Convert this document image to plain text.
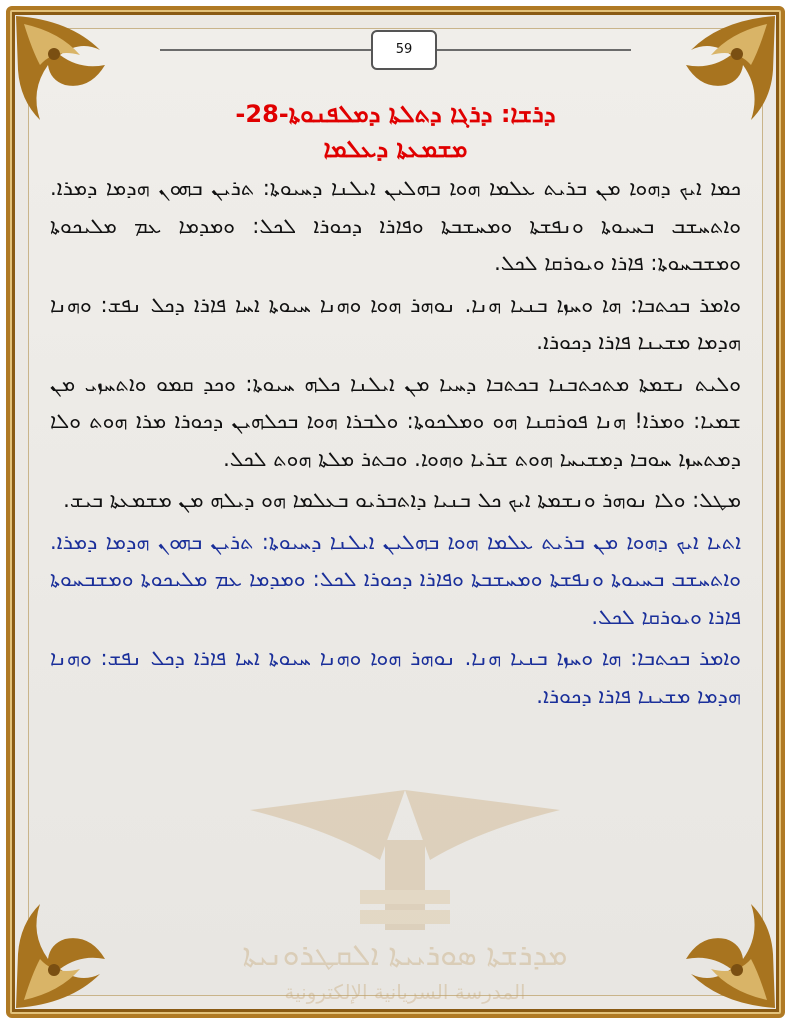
59
ܡܕܪܫܬܐ ܣܘܪܝܝܬܐ ܐܠܩܛܪܘܢܝܬܐ
المدرسة السريانية الإلكترونية
ܕܪܫܐ: ܕܪܓܐ ܕܬܠܬܐ ܕܡܠܦܢܘܬܐ-28-
ܡܫܡܥܬܐ ܕܥܠܡܐ

ܟܡܐ ܐܝܟ ܕܗܘܐ ܡܢ ܒܪܝܬ ܥܠܡܐ ܗܘܐ ܒܗܠܝܢ ܐܝܠܢܐ ܕܚܝܘܬܐ: ܬܪܝܢ ܒܗܘܢ ܗܕܡܐ ܕܡܪܐ. ܘܐܬܚܫܒ ܒܚܝܘܬܐ ܘܢܦܫܬܐ ܘܡܚܫܒܬܐ ܘܦܐܪܐ ܕܟܘܪܐ ܠܟܠ: ܘܡܕܡܐ ܥܡ ܡܠܝܟܘܬܐ ܘܡܫܒܚܘܬܐ: ܦܐܪܐ ܘܝܘܪܩܐ ܠܟܠ.

ܘܐܡܪ ܒܟܬܒܐ: ܗܐ ܘܚܙܐ ܒܢܝܐ ܗܢܐ. ܢܘܗܪ ܗܘܐ ܘܗܢܐ ܚܝܘܬܐ ܐܚܐ ܦܐܪܐ ܕܟܠ ܢܦܫ: ܘܗܢܐ ܗܕܡܐ ܡܫܝܢܐ ܦܐܪܐ ܕܟܘܪܐ.

ܘܠܝܬ ܢܫܡܬܐ ܡܬܟܬܒܢܐ ܒܟܬܒܐ ܕܚܝܐ ܡܢ ܐܝܠܢܐ ܟܠܗ ܚܝܘܬܐ: ܘܟܕ ܩܡܘ ܘܐܬܚܙܝ ܡܢ ܫܡܝܐ: ܘܡܪܐ! ܗܢܐ ܦܘܪܩܢܐ ܗܘ ܘܡܠܟܘܬܐ: ܘܠܒܪܐ ܗܘܐ ܒܟܠܗܝܢ ܕܟܘܪܐ ܡܪܐ ܗܘܬ ܘܠܐ ܕܡܬܚܙܐ ܚܘܒܐ ܕܡܫܝܚܐ ܗܘܬ ܫܪܝܐ ܘܗܘܐ. ܘܒܬܪ ܡܠܬܐ ܗܘܬ ܠܟܠ.

ܡܛܠ: ܘܠܐ ܢܘܗܪ ܘܢܫܡܬܐ ܐܝܟ ܟܠ ܒܢܝܐ ܕܐܬܒܪܝܘ ܒܥܠܡܐ ܗܘ ܕܝܠܗ ܡܢ ܡܫܡܥܬܐ ܒܝܫ.

ܐܬܝܐ ܐܝܟ ܕܗܘܐ ܡܢ ܒܪܝܬ ܥܠܡܐ ܗܘܐ ܒܗܠܝܢ ܐܝܠܢܐ ܕܚܝܘܬܐ: ܬܪܝܢ ܒܗܘܢ ܗܕܡܐ ܕܡܪܐ. ܘܐܬܚܫܒ ܒܚܝܘܬܐ ܘܢܦܫܬܐ ܘܡܚܫܒܬܐ ܘܦܐܪܐ ܕܟܘܪܐ ܠܟܠ: ܘܡܕܡܐ ܥܡ ܡܠܝܟܘܬܐ ܘܡܫܒܚܘܬܐ ܦܐܪܐ ܘܝܘܪܩܐ ܠܟܠ.

ܘܐܡܪ ܒܟܬܒܐ: ܗܐ ܘܚܙܐ ܒܢܝܐ ܗܢܐ. ܢܘܗܪ ܗܘܐ ܘܗܢܐ ܚܝܘܬܐ ܐܚܐ ܦܐܪܐ ܕܟܠ ܢܦܫ: ܘܗܢܐ ܗܕܡܐ ܡܫܝܢܐ ܦܐܪܐ ܕܟܘܪܐ.
